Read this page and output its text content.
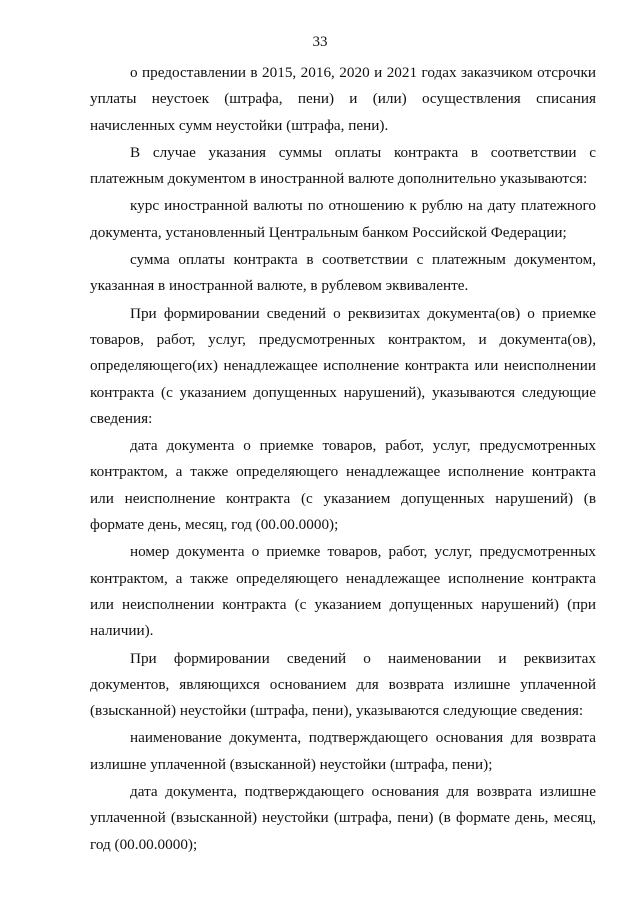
33

о предоставлении в 2015, 2016, 2020 и 2021 годах заказчиком отсрочки уплаты неустоек (штрафа, пени) и (или) осуществления списания начисленных сумм неустойки (штрафа, пени).

В случае указания суммы оплаты контракта в соответствии с платежным документом в иностранной валюте дополнительно указываются:

курс иностранной валюты по отношению к рублю на дату платежного документа, установленный Центральным банком Российской Федерации;

сумма оплаты контракта в соответствии с платежным документом, указанная в иностранной валюте, в рублевом эквиваленте.

При формировании сведений о реквизитах документа(ов) о приемке товаров, работ, услуг, предусмотренных контрактом, и документа(ов), определяющего(их) ненадлежащее исполнение контракта или неисполнении контракта (с указанием допущенных нарушений), указываются следующие сведения:

дата документа о приемке товаров, работ, услуг, предусмотренных контрактом, а также определяющего ненадлежащее исполнение контракта или неисполнение контракта (с указанием допущенных нарушений) (в формате день, месяц, год (00.00.0000);

номер документа о приемке товаров, работ, услуг, предусмотренных контрактом, а также определяющего ненадлежащее исполнение контракта или неисполнении контракта (с указанием допущенных нарушений) (при наличии).

При формировании сведений о наименовании и реквизитах документов, являющихся основанием для возврата излишне уплаченной (взысканной) неустойки (штрафа, пени), указываются следующие сведения:

наименование документа, подтверждающего основания для возврата излишне уплаченной (взысканной) неустойки (штрафа, пени);

дата документа, подтверждающего основания для возврата излишне уплаченной (взысканной) неустойки (штрафа, пени) (в формате день, месяц, год (00.00.0000);
